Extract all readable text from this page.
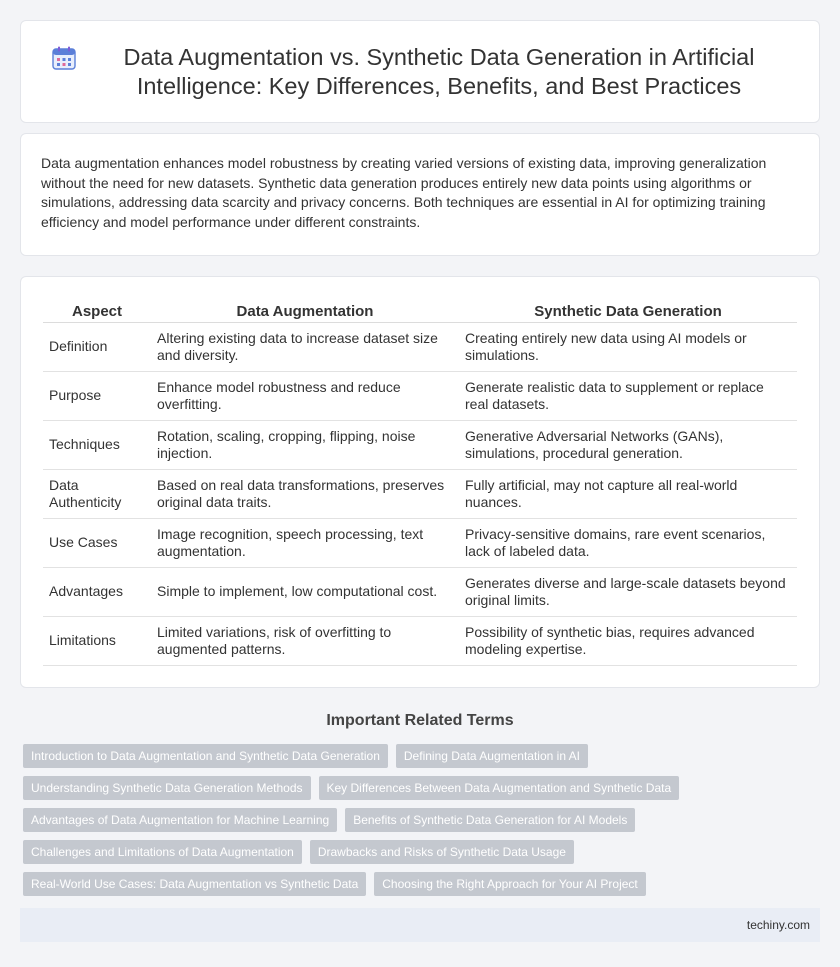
Data Augmentation vs. Synthetic Data Generation in Artificial Intelligence: Key Differences, Benefits, and Best Practices

Data augmentation enhances model robustness by creating varied versions of existing data, improving generalization without the need for new datasets. Synthetic data generation produces entirely new data points using algorithms or simulations, addressing data scarcity and privacy concerns. Both techniques are essential in AI for optimizing training efficiency and model performance under different constraints.

Aspect	Data Augmentation	Synthetic Data Generation
Definition	Altering existing data to increase dataset size and diversity.	Creating entirely new data using AI models or simulations.
Purpose	Enhance model robustness and reduce overfitting.	Generate realistic data to supplement or replace real datasets.
Techniques	Rotation, scaling, cropping, flipping, noise injection.	Generative Adversarial Networks (GANs), simulations, procedural generation.
Data Authenticity	Based on real data transformations, preserves original data traits.	Fully artificial, may not capture all real-world nuances.
Use Cases	Image recognition, speech processing, text augmentation.	Privacy-sensitive domains, rare event scenarios, lack of labeled data.
Advantages	Simple to implement, low computational cost.	Generates diverse and large-scale datasets beyond original limits.
Limitations	Limited variations, risk of overfitting to augmented patterns.	Possibility of synthetic bias, requires advanced modeling expertise.
Important Related Terms
Introduction to Data Augmentation and Synthetic Data Generation	Defining Data Augmentation in AI
Understanding Synthetic Data Generation Methods	Key Differences Between Data Augmentation and Synthetic Data
Advantages of Data Augmentation for Machine Learning	Benefits of Synthetic Data Generation for AI Models
Challenges and Limitations of Data Augmentation	Drawbacks and Risks of Synthetic Data Usage
Real-World Use Cases: Data Augmentation vs Synthetic Data	Choosing the Right Approach for Your AI Project
techiny.com
